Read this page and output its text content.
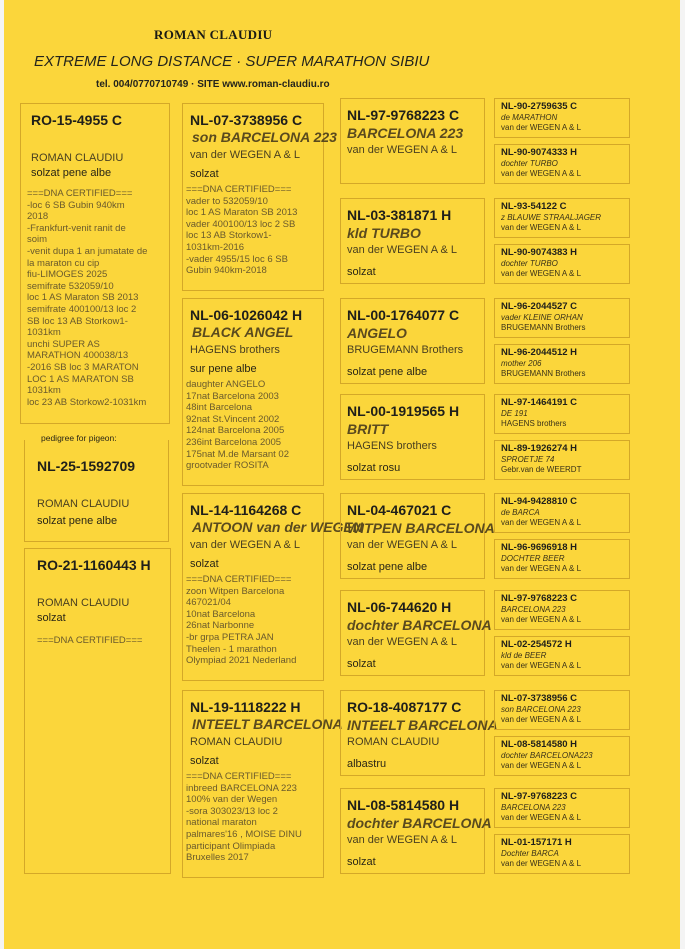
ROMAN CLAUDIU
EXTREME LONG DISTANCE · SUPER MARATHON SIBIU
tel. 004/0770710749 · SITE www.roman-claudiu.ro
RO-15-4955 C
ROMAN CLAUDIU
solzat pene albe
===DNA CERTIFIED===
-loc 6 SB Gubin 940km
2018
-Frankfurt-venit ranit de
soim
-venit dupa 1 an jumatate de
la maraton cu cip
fiu-LIMOGES 2025
semifrate 532059/10
loc 1 AS Maraton SB 2013
semifrate 400100/13 loc 2
SB loc 13 AB Storkow1-
1031km
unchi SUPER AS
MARATHON 400038/13
-2016 SB loc 3 MARATON
LOC 1 AS MARATON SB
1031km
loc 23 AB Storkow2-1031km
NL-25-1592709
ROMAN CLAUDIU
solzat pene albe
pedigree for pigeon:
RO-21-1160443 H
ROMAN CLAUDIU
solzat
===DNA CERTIFIED===
NL-07-3738956 C
son BARCELONA 223
van der WEGEN A & L
solzat
===DNA CERTIFIED===
vader to 532059/10
loc 1 AS Maraton SB 2013
vader 400100/13 loc 2 SB
loc 13 AB Storkow1-
1031km-2016
-vader 4955/15 loc 6 SB
Gubin 940km-2018
NL-06-1026042 H
BLACK ANGEL
HAGENS brothers
sur pene albe
daughter ANGELO
17nat Barcelona 2003
48int Barcelona
92nat St.Vincent 2002
124nat Barcelona 2005
236int Barcelona 2005
175nat M.de Marsant 02
grootvader ROSITA
NL-14-1164268 C
ANTOON van der WEGEN
van der WEGEN A & L
solzat
===DNA CERTIFIED===
zoon Witpen Barcelona
467021/04
10nat Barcelona
26nat Narbonne
-br grpa PETRA JAN
Theelen - 1 marathon
Olympiad 2021 Nederland
NL-19-1118222 H
INTEELT BARCELONA
ROMAN CLAUDIU
solzat
===DNA CERTIFIED===
inbreed BARCELONA 223
100% van der Wegen
-sora 303023/13 loc 2
national maraton
palmares'16 , MOISE DINU
participant Olimpiada
Bruxelles 2017
NL-97-9768223 C
BARCELONA 223
van der WEGEN A & L
NL-03-381871 H
kld TURBO
van der WEGEN A & L
solzat
NL-00-1764077 C
ANGELO
BRUGEMANN Brothers
solzat pene albe
NL-00-1919565 H
BRITT
HAGENS brothers
solzat rosu
NL-04-467021 C
WITPEN BARCELONA
van der WEGEN A & L
solzat pene albe
NL-06-744620 H
dochter BARCELONA
van der WEGEN A & L
solzat
RO-18-4087177 C
INTEELT BARCELONA
ROMAN CLAUDIU
albastru
NL-08-5814580 H
dochter BARCELONA
van der WEGEN A & L
solzat
NL-90-2759635 C
de MARATHON
van der WEGEN A & L
NL-90-9074333 H
dochter TURBO
van der WEGEN A & L
NL-93-54122 C
z BLAUWE STRAALJAGER
van der WEGEN A & L
NL-90-9074383 H
dochter TURBO
van der WEGEN A & L
NL-96-2044527 C
vader KLEINE ORHAN
BRUGEMANN Brothers
NL-96-2044512 H
mother 206
BRUGEMANN Brothers
NL-97-1464191 C
DE 191
HAGENS brothers
NL-89-1926274 H
SPROETJE 74
Gebr.van de WEERDT
NL-94-9428810 C
de BARCA
van der WEGEN A & L
NL-96-9696918 H
DOCHTER BEER
van der WEGEN A & L
NL-97-9768223 C
BARCELONA 223
van der WEGEN A & L
NL-02-254572 H
kld de BEER
van der WEGEN A & L
NL-07-3738956 C
son BARCELONA 223
van der WEGEN A & L
NL-08-5814580 H
dochter BARCELONA223
van der WEGEN A & L
NL-97-9768223 C
BARCELONA 223
van der WEGEN A & L
NL-01-157171 H
Dochter BARCA
van der WEGEN A & L
